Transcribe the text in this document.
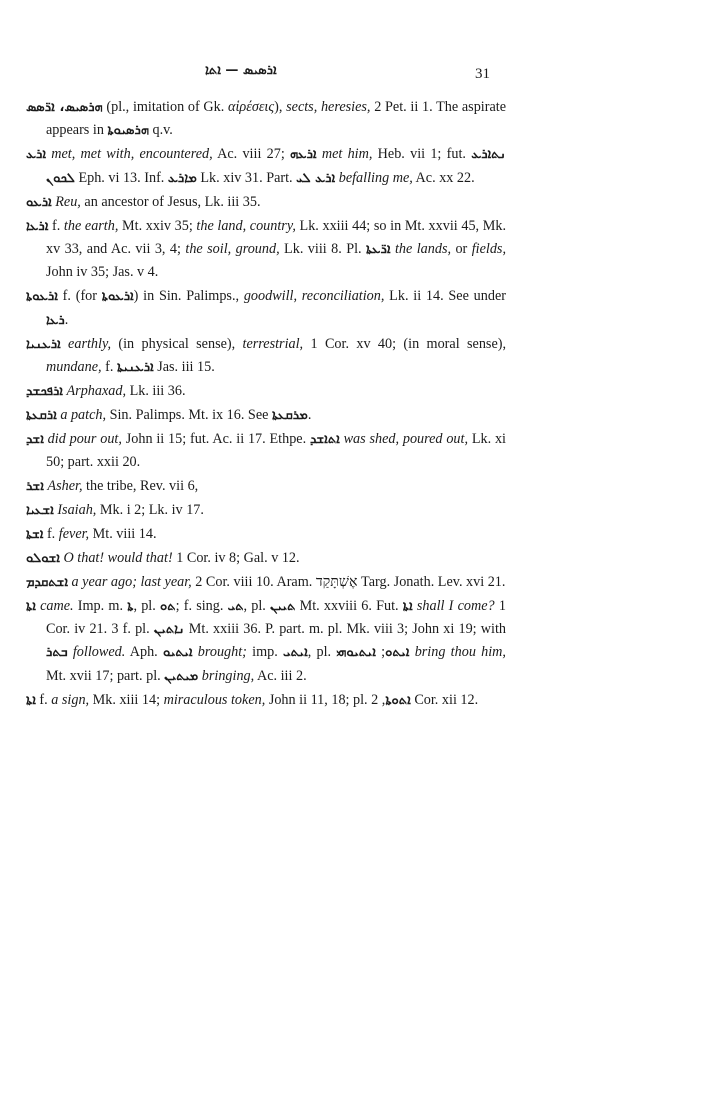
ܐܪܣܝܣ — ܐܬܐ	31

ܗܪܣܝܣ، ܐܪ̈ܣܣ (pl., imitation of Gk. αἱρέσεις), sects, heresies, 2 Pet. ii 1. The aspirate appears in ܗܪܣܝܘܬܐ q.v.

ܐܪܥ met, met with, encountered, Ac. viii 27; ܐܪܥܗ met him, Heb. vii 1; fut. ܢܬܐܪܥ ܠܟܘܢ Eph. vi 13. Inf. ܡܐܪܥ Lk. xiv 31. Part. ܐܪܥ ܠܝ befalling me, Ac. xx 22.

ܐܪܥܘ Reu, an ancestor of Jesus, Lk. iii 35.

ܐܪܥܐ f. the earth, Mt. xxiv 35; the land, country, Lk. xxiii 44; so in Mt. xxvii 45, Mk. xv 33, and Ac. vii 3, 4; the soil, ground, Lk. viii 8. Pl. ܐܪ̈ܥܬܐ the lands, or fields, John iv 35; Jas. v 4.

ܐܪܥܘܬܐ f. (for ܐܪܥܘܬܐ) in Sin. Palimps., goodwill, reconciliation, Lk. ii 14. See under ܪܥܐ.

ܐܪܥܢܝܐ earthly, (in physical sense), terrestrial, 1 Cor. xv 40; (in moral sense), mundane, f. ܐܪܥܢܝܬܐ Jas. iii 15.

ܐܪܦܟܫܕ Arphaxad, Lk. iii 36.

ܐܪܩܥܬܐ a patch, Sin. Palimps. Mt. ix 16. See ܡܪܩܥܬܐ.

ܐܫܕ did pour out, John ii 15; fut. Ac. ii 17. Ethpe. ܐܬܐܫܕ was shed, poured out, Lk. xi 50; part. xxii 20.

ܐܫܪ Asher, the tribe, Rev. vii 6,

ܐܫܥܝܐ Isaiah, Mk. i 2; Lk. iv 17.

ܐܫܬܐ f. fever, Mt. viii 14.

ܐܫܘܠܘ O that! would that! 1 Cor. iv 8; Gal. v 12.

ܐܫܬܩܕܡ a year ago; last year, 2 Cor. viii 10. Aram. אֶשְׁתָּקַד Targ. Jonath. Lev. xvi 21.

ܐܬܐ came. Imp. m. ܬܐ, pl. ܬܘ; f. sing. ܬܝ, pl. ܬܝܝܢ Mt. xxviii 6. Fut. ܐܬܐ shall I come? 1 Cor. iv 21. 3 f. pl. ܢܐܬܝܢ Mt. xxiii 36. P. part. m. pl. Mk. viii 3; John xi 19; with ܒܬܪ followed. Aph. ܐܝܬܝܘ brought; imp. ܐܝܬܝ, pl.	ܐܝܬܘ; ܐܝܬܝܘܗܝ bring thou him, Mt. xvii 17; part. pl. ܡܝܬܝܢ bringing, Ac. iii 2.

ܐܬܐ f. a sign, Mk. xiii 14; miraculous token, John ii 11, 18; pl. ܐܬܘܬܐ, 2 Cor. xii 12.
